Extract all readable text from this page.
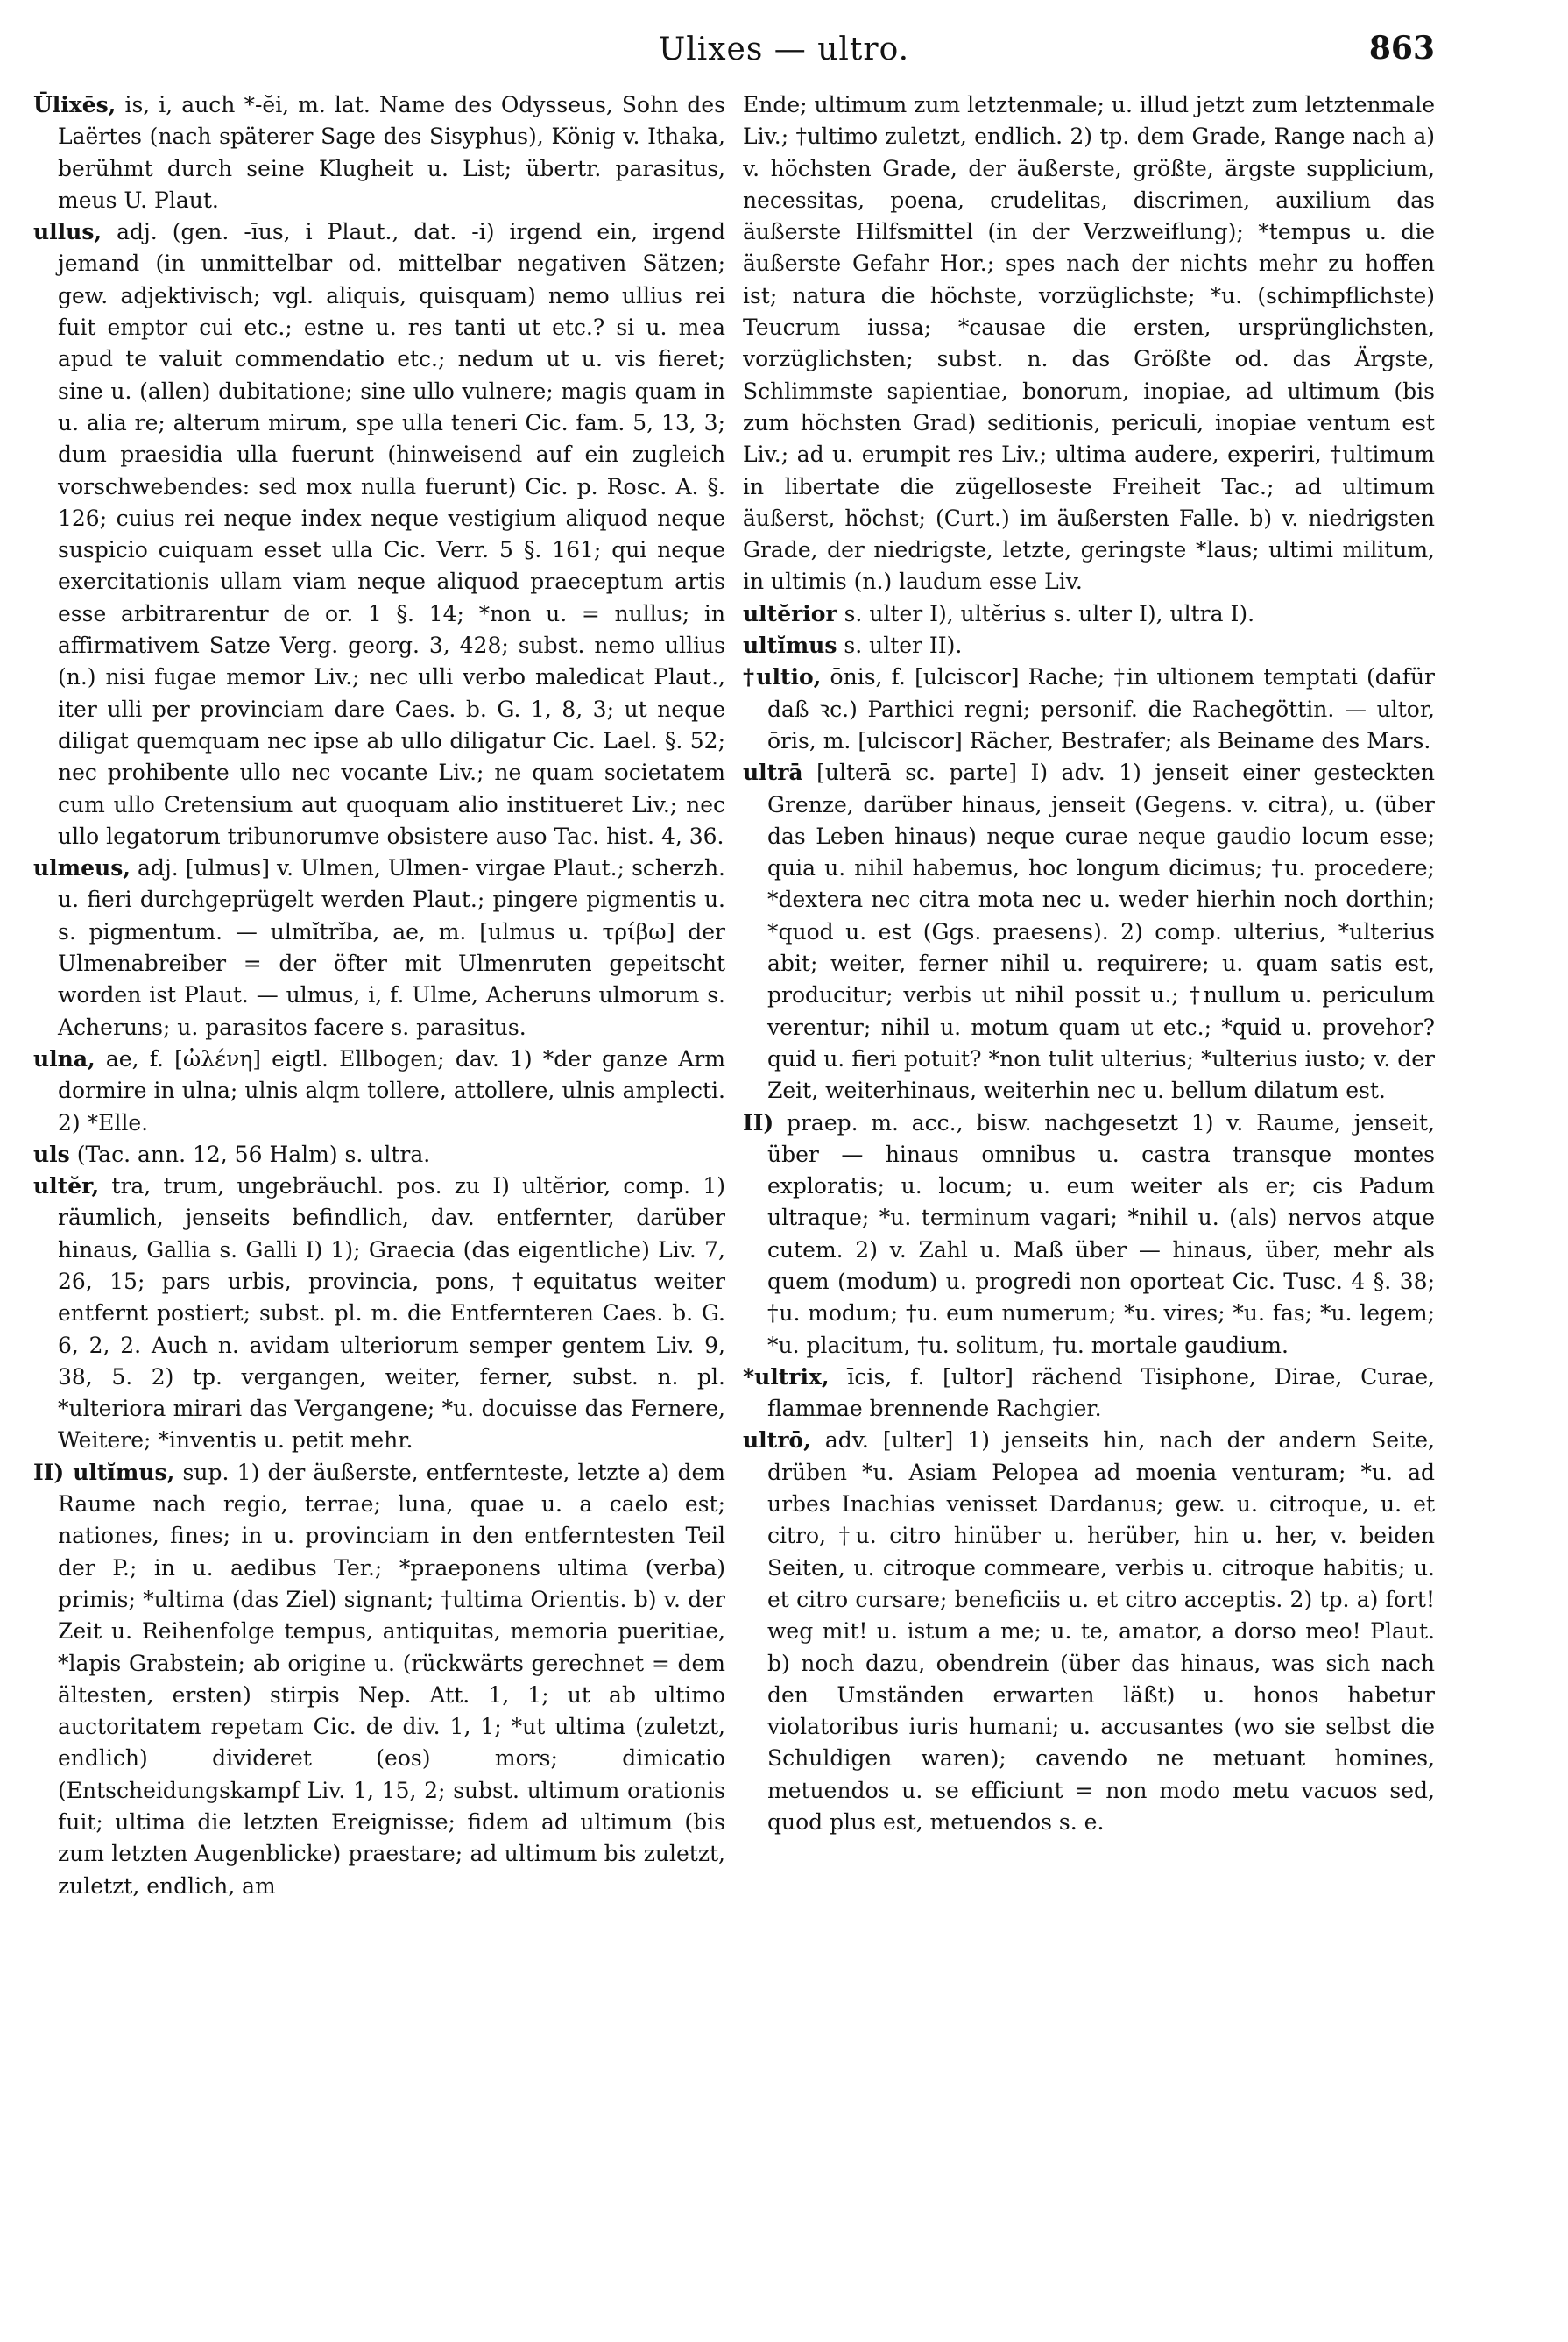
Ulixes — ultro.	863

Ūlixēs, is, i, auch *-ĕi, m. lat. Name des Odysseus, Sohn des Laërtes (nach späterer Sage des Sisyphus), König v. Ithaka, berühmt durch seine Klugheit u. List; übertr. parasitus, meus U. Plaut.

ullus, adj. (gen. -īus, i Plaut., dat. -i) irgend ein, irgend jemand (in unmittelbar od. mittelbar negativen Sätzen; gew. adjektivisch; vgl. aliquis, quisquam) nemo ullius rei fuit emptor cui etc.; estne u. res tanti ut etc.? si u. mea apud te valuit commendatio etc.; nedum ut u. vis fieret; sine u. (allen) dubitatione; sine ullo vulnere; magis quam in u. alia re; alterum mirum, spe ulla teneri Cic. fam. 5, 13, 3; dum praesidia ulla fuerunt (hinweisend auf ein zugleich vorschwebendes: sed mox nulla fuerunt) Cic. p. Rosc. A. §. 126; cuius rei neque index neque vestigium aliquod neque suspicio cuiquam esset ulla Cic. Verr. 5 §. 161; qui neque exercitationis ullam viam neque aliquod praeceptum artis esse arbitrarentur de or. 1 §. 14; *non u. = nullus; in affirmativem Satze Verg. georg. 3, 428; subst. nemo ullius (n.) nisi fugae memor Liv.; nec ulli verbo maledicat Plaut., iter ulli per provinciam dare Caes. b. G. 1, 8, 3; ut neque diligat quemquam nec ipse ab ullo diligatur Cic. Lael. §. 52; nec prohibente ullo nec vocante Liv.; ne quam societatem cum ullo Cretensium aut quoquam alio institueret Liv.; nec ullo legatorum tribunorumve obsistere auso Tac. hist. 4, 36.

ulmeus, adj. [ulmus] v. Ulmen, Ulmen- virgae Plaut.; scherzh. u. fieri durchgeprügelt werden Plaut.; pingere pigmentis u. s. pigmentum. — ulmĭtrĭba, ae, m. [ulmus u. τρίβω] der Ulmenabreiber = der öfter mit Ulmenruten gepeitscht worden ist Plaut. — ulmus, i, f. Ulme, Acheruns ulmorum s. Acheruns; u. parasitos facere s. parasitus.

ulna, ae, f. [ὠλένη] eigtl. Ellbogen; dav. 1) *der ganze Arm dormire in ulna; ulnis alqm tollere, attollere, ulnis amplecti. 2) *Elle.

uls (Tac. ann. 12, 56 Halm) s. ultra.

ultĕr, tra, trum, ungebräuchl. pos. zu I) ultĕrior, comp. 1) räumlich, jenseits befindlich, dav. entfernter, darüber hinaus, Gallia s. Galli I) 1); Graecia (das eigentliche) Liv. 7, 26, 15; pars urbis, provincia, pons, †equitatus weiter entfernt postiert; subst. pl. m. die Entfernteren Caes. b. G. 6, 2, 2. Auch n. avidam ulteriorum semper gentem Liv. 9, 38, 5. 2) tp. vergangen, weiter, ferner, subst. n. pl. *ulteriora mirari das Vergangene; *u. docuisse das Fernere, Weitere; *inventis u. petit mehr.

II) ultĭmus, sup. 1) der äußerste, entfernteste, letzte a) dem Raume nach regio, terrae; luna, quae u. a caelo est; nationes, fines; in u. provinciam in den entferntesten Teil der P.; in u. aedibus Ter.; *praeponens ultima (verba) primis; *ultima (das Ziel) signant; †ultima Orientis. b) v. der Zeit u. Reihenfolge tempus, antiquitas, memoria pueritiae, *lapis Grabstein; ab origine u. (rückwärts gerechnet = dem ältesten, ersten) stirpis Nep. Att. 1, 1; ut ab ultimo auctoritatem repetam Cic. de div. 1, 1; *ut ultima (zuletzt, endlich) divideret (eos) mors; dimicatio (Entscheidungskampf Liv. 1, 15, 2; subst. ultimum orationis fuit; ultima die letzten Ereignisse; fidem ad ultimum (bis zum letzten Augenblicke) praestare; ad ultimum bis zuletzt, zuletzt, endlich, am

Ende; ultimum zum letztenmale; u. illud jetzt zum letztenmale Liv.; †ultimo zuletzt, endlich. 2) tp. dem Grade, Range nach a) v. höchsten Grade, der äußerste, größte, ärgste supplicium, necessitas, poena, crudelitas, discrimen, auxilium das äußerste Hilfsmittel (in der Verzweiflung); *tempus u. die äußerste Gefahr Hor.; spes nach der nichts mehr zu hoffen ist; natura die höchste, vorzüglichste; *u. (schimpflichste) Teucrum iussa; *causae die ersten, ursprünglichsten, vorzüglichsten; subst. n. das Größte od. das Ärgste, Schlimmste sapientiae, bonorum, inopiae, ad ultimum (bis zum höchsten Grad) seditionis, periculi, inopiae ventum est Liv.; ad u. erumpit res Liv.; ultima audere, experiri, †ultimum in libertate die zügelloseste Freiheit Tac.; ad ultimum äußerst, höchst; (Curt.) im äußersten Falle. b) v. niedrigsten Grade, der niedrigste, letzte, geringste *laus; ultimi militum, in ultimis (n.) laudum esse Liv.

ultĕrior s. ulter I), ultĕrius s. ulter I), ultra I).

ultĭmus s. ulter II).

†ultio, ōnis, f. [ulciscor] Rache; †in ultionem temptati (dafür daß ꝛc.) Parthici regni; personif. die Rachegöttin. — ultor, ōris, m. [ulciscor] Rächer, Bestrafer; als Beiname des Mars.

ultrā [ulterā sc. parte] I) adv. 1) jenseit einer gesteckten Grenze, darüber hinaus, jenseit (Gegens. v. citra), u. (über das Leben hinaus) neque curae neque gaudio locum esse; quia u. nihil habemus, hoc longum dicimus; †u. procedere; *dextera nec citra mota nec u. weder hierhin noch dorthin; *quod u. est (Ggs. praesens). 2) comp. ulterius, *ulterius abit; weiter, ferner nihil u. requirere; u. quam satis est, producitur; verbis ut nihil possit u.; †nullum u. periculum verentur; nihil u. motum quam ut etc.; *quid u. provehor? quid u. fieri potuit? *non tulit ulterius; *ulterius iusto; v. der Zeit, weiterhinaus, weiterhin nec u. bellum dilatum est.

II) praep. m. acc., bisw. nachgesetzt 1) v. Raume, jenseit, über — hinaus omnibus u. castra transque montes exploratis; u. locum; u. eum weiter als er; cis Padum ultraque; *u. terminum vagari; *nihil u. (als) nervos atque cutem. 2) v. Zahl u. Maß über — hinaus, über, mehr als quem (modum) u. progredi non oporteat Cic. Tusc. 4 §. 38; †u. modum; †u. eum numerum; *u. vires; *u. fas; *u. legem; *u. placitum, †u. solitum, †u. mortale gaudium.

*ultrix, īcis, f. [ultor] rächend Tisiphone, Dirae, Curae, flammae brennende Rachgier.

ultrō, adv. [ulter] 1) jenseits hin, nach der andern Seite, drüben *u. Asiam Pelopea ad moenia venturam; *u. ad urbes Inachias venisset Dardanus; gew. u. citroque, u. et citro, †u. citro hinüber u. herüber, hin u. her, v. beiden Seiten, u. citroque commeare, verbis u. citroque habitis; u. et citro cursare; beneficiis u. et citro acceptis. 2) tp. a) fort! weg mit! u. istum a me; u. te, amator, a dorso meo! Plaut. b) noch dazu, obendrein (über das hinaus, was sich nach den Umständen erwarten läßt) u. honos habetur violatoribus iuris humani; u. accusantes (wo sie selbst die Schuldigen waren); cavendo ne metuant homines, metuendos u. se efficiunt = non modo metu vacuos sed, quod plus est, metuendos s. e.
